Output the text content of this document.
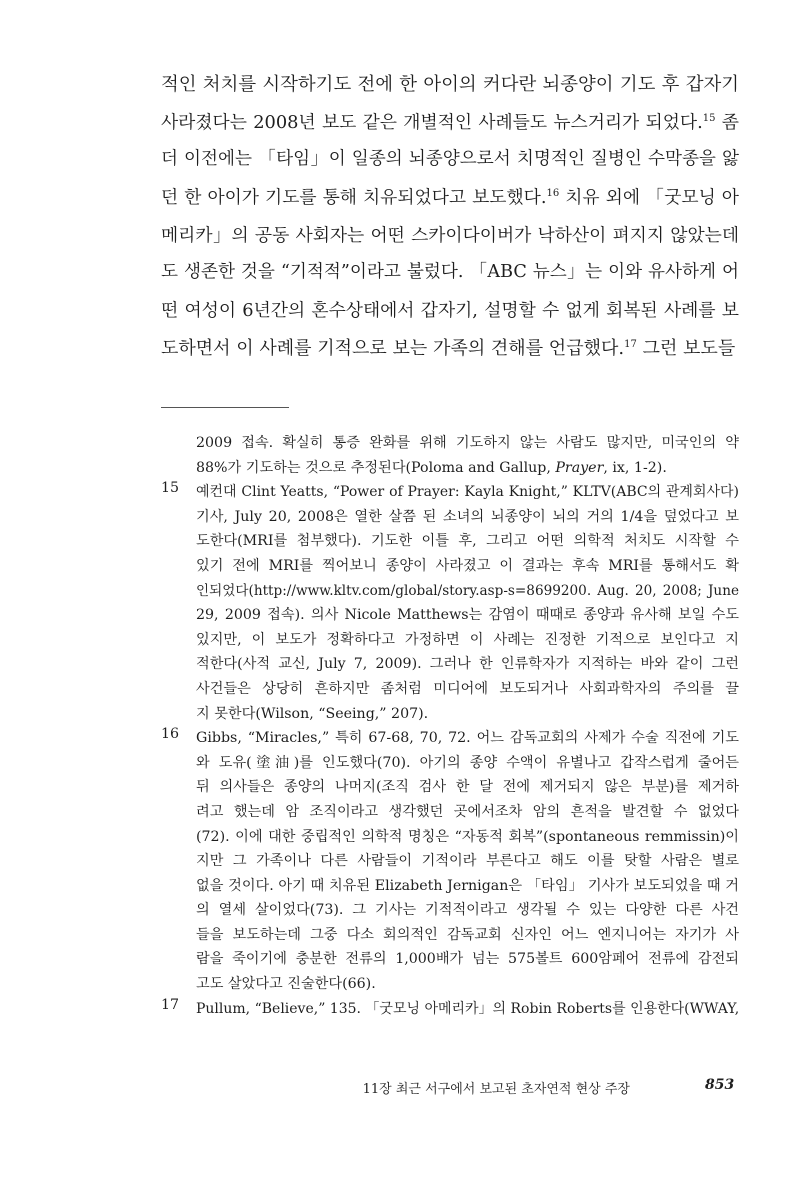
적인 처치를 시작하기도 전에 한 아이의 커다란 뇌종양이 기도 후 갑자기
사라졌다는 2008년 보도 같은 개별적인 사례들도 뉴스거리가 되었다.$^{15}$ 좀
더 이전에는 「타임」이 일종의 뇌종양으로서 치명적인 질병인 수막종을 앓
던 한 아이가 기도를 통해 치유되었다고 보도했다.$^{16}$ 치유 외에 「굿모닝 아
메리카」의 공동 사회자는 어떤 스카이다이버가 낙하산이 펴지지 않았는데
도 생존한 것을 “기적적”이라고 불렀다. 「ABC 뉴스」는 이와 유사하게 어
떤 여성이 6년간의 혼수상태에서 갑자기, 설명할 수 없게 회복된 사례를 보
도하면서 이 사례를 기적으로 보는 가족의 견해를 언급했다.$^{17}$ 그런 보도들
2009 접속. 확실히 통증 완화를 위해 기도하지 않는 사람도 많지만, 미국인의 약
88%가 기도하는 것으로 추정된다(Poloma and Gallup, Prayer, ix, 1-2).
15	예컨대 Clint Yeatts, “Power of Prayer: Kayla Knight,” KLTV(ABC의 관계회사다)
기사, July 20, 2008은 열한 살쯤 된 소녀의 뇌종양이 뇌의 거의 1/4을 덮었다고 보
도한다(MRI를 첨부했다). 기도한 이틀 후, 그리고 어떤 의학적 처치도 시작할 수
있기 전에 MRI를 찍어보니 종양이 사라졌고 이 결과는 후속 MRI를 통해서도 확
인되었다(http://www.kltv.com/global/story.asp-s=8699200. Aug. 20, 2008; June
29, 2009 접속). 의사 Nicole Matthews는 감염이 때때로 종양과 유사해 보일 수도
있지만, 이 보도가 정확하다고 가정하면 이 사례는 진정한 기적으로 보인다고 지
적한다(사적 교신, July 7, 2009). 그러나 한 인류학자가 지적하는 바와 같이 그런
사건들은 상당히 흔하지만 좀처럼 미디어에 보도되거나 사회과학자의 주의를 끌
지 못한다(Wilson, “Seeing,” 207).
16	Gibbs, “Miracles,” 특히 67-68, 70, 72. 어느 감독교회의 사제가 수술 직전에 기도
와 도유(塗油)를 인도했다(70). 아기의 종양 수액이 유별나고 갑작스럽게 줄어든
뒤 의사들은 종양의 나머지(조직 검사 한 달 전에 제거되지 않은 부분)를 제거하
려고 했는데 암 조직이라고 생각했던 곳에서조차 암의 흔적을 발견할 수 없었다
(72). 이에 대한 중립적인 의학적 명칭은 “자동적 회복”(spontaneous remmissin)이
지만 그 가족이나 다른 사람들이 기적이라 부른다고 해도 이를 탓할 사람은 별로
없을 것이다. 아기 때 치유된 Elizabeth Jernigan은 「타임」 기사가 보도되었을 때 거
의 열세 살이었다(73). 그 기사는 기적적이라고 생각될 수 있는 다양한 다른 사건
들을 보도하는데 그중 다소 회의적인 감독교회 신자인 어느 엔지니어는 자기가 사
람을 죽이기에 충분한 전류의 1,000배가 넘는 575볼트 600암페어 전류에 감전되
고도 살았다고 진술한다(66).
17	Pullum, “Believe,” 135. 「굿모닝 아메리카」의 Robin Roberts를 인용한다(WWAY,
11장 최근 서구에서 보고된 초자연적 현상 주장	853
